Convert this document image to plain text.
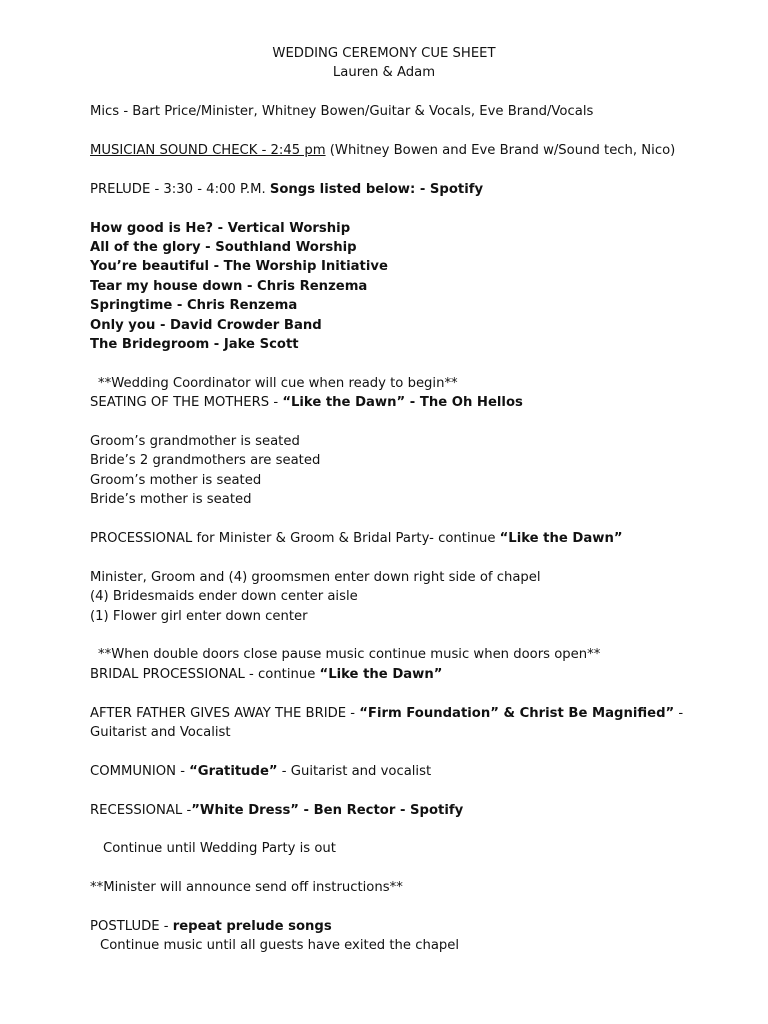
WEDDING CEREMONY CUE SHEET

Lauren & Adam

Mics - Bart Price/Minister, Whitney Bowen/Guitar & Vocals, Eve Brand/Vocals

MUSICIAN SOUND CHECK - 2:45 pm (Whitney Bowen and Eve Brand w/Sound tech, Nico)

PRELUDE - 3:30 - 4:00 P.M. Songs listed below: - Spotify

How good is He? - Vertical Worship

All of the glory - Southland Worship

You’re beautiful - The Worship Initiative

Tear my house down - Chris Renzema

Springtime - Chris Renzema

Only you - David Crowder Band

The Bridegroom - Jake Scott

**Wedding Coordinator will cue when ready to begin**

SEATING OF THE MOTHERS - “Like the Dawn” - The Oh Hellos

Groom’s grandmother is seated

Bride’s 2 grandmothers are seated

Groom’s mother is seated

Bride’s mother is seated

PROCESSIONAL for Minister & Groom & Bridal Party- continue “Like the Dawn”

Minister, Groom and (4) groomsmen enter down right side of chapel

(4) Bridesmaids ender down center aisle

(1) Flower girl enter down center

**When double doors close pause music continue music when doors open**

BRIDAL PROCESSIONAL - continue “Like the Dawn”

AFTER FATHER GIVES AWAY THE BRIDE - “Firm Foundation” & Christ Be Magnified” -

Guitarist and Vocalist

COMMUNION - “Gratitude” - Guitarist and vocalist

RECESSIONAL -”White Dress” - Ben Rector - Spotify

Continue until Wedding Party is out

**Minister will announce send off instructions**

POSTLUDE - repeat prelude songs

Continue music until all guests have exited the chapel
